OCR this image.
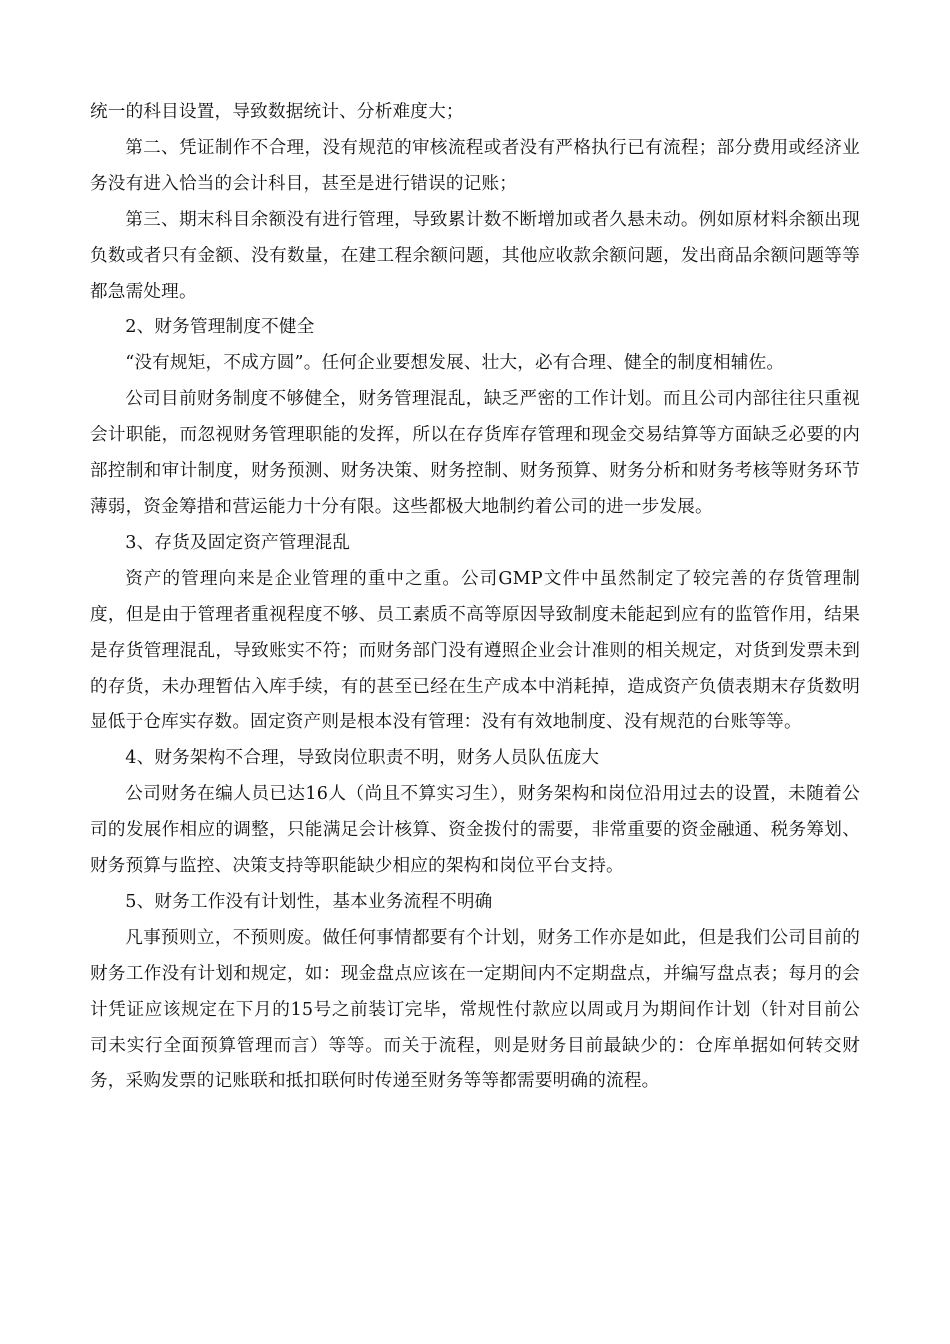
统一的科目设置，导致数据统计、分析难度大；

第二、凭证制作不合理，没有规范的审核流程或者没有严格执行已有流程；部分费用或经济业务没有进入恰当的会计科目，甚至是进行错误的记账；

第三、期末科目余额没有进行管理，导致累计数不断增加或者久悬未动。例如原材料余额出现负数或者只有金额、没有数量，在建工程余额问题，其他应收款余额问题，发出商品余额问题等等都急需处理。

2、财务管理制度不健全

“没有规矩，不成方圆”。任何企业要想发展、壮大，必有合理、健全的制度相辅佐。

公司目前财务制度不够健全，财务管理混乱，缺乏严密的工作计划。而且公司内部往往只重视会计职能，而忽视财务管理职能的发挥，所以在存货库存管理和现金交易结算等方面缺乏必要的内部控制和审计制度，财务预测、财务决策、财务控制、财务预算、财务分析和财务考核等财务环节薄弱，资金筹措和营运能力十分有限。这些都极大地制约着公司的进一步发展。

3、存货及固定资产管理混乱

资产的管理向来是企业管理的重中之重。公司GMP文件中虽然制定了较完善的存货管理制度，但是由于管理者重视程度不够、员工素质不高等原因导致制度未能起到应有的监管作用，结果是存货管理混乱，导致账实不符；而财务部门没有遵照企业会计准则的相关规定，对货到发票未到的存货，未办理暂估入库手续，有的甚至已经在生产成本中消耗掉，造成资产负债表期末存货数明显低于仓库实存数。固定资产则是根本没有管理：没有有效地制度、没有规范的台账等等。

4、财务架构不合理，导致岗位职责不明，财务人员队伍庞大

公司财务在编人员已达16人（尚且不算实习生），财务架构和岗位沿用过去的设置，未随着公司的发展作相应的调整，只能满足会计核算、资金拨付的需要，非常重要的资金融通、税务筹划、财务预算与监控、决策支持等职能缺少相应的架构和岗位平台支持。

5、财务工作没有计划性，基本业务流程不明确

凡事预则立，不预则废。做任何事情都要有个计划，财务工作亦是如此，但是我们公司目前的财务工作没有计划和规定，如：现金盘点应该在一定期间内不定期盘点，并编写盘点表；每月的会计凭证应该规定在下月的15号之前装订完毕，常规性付款应以周或月为期间作计划（针对目前公司未实行全面预算管理而言）等等。而关于流程，则是财务目前最缺少的：仓库单据如何转交财务，采购发票的记账联和抵扣联何时传递至财务等等都需要明确的流程。
